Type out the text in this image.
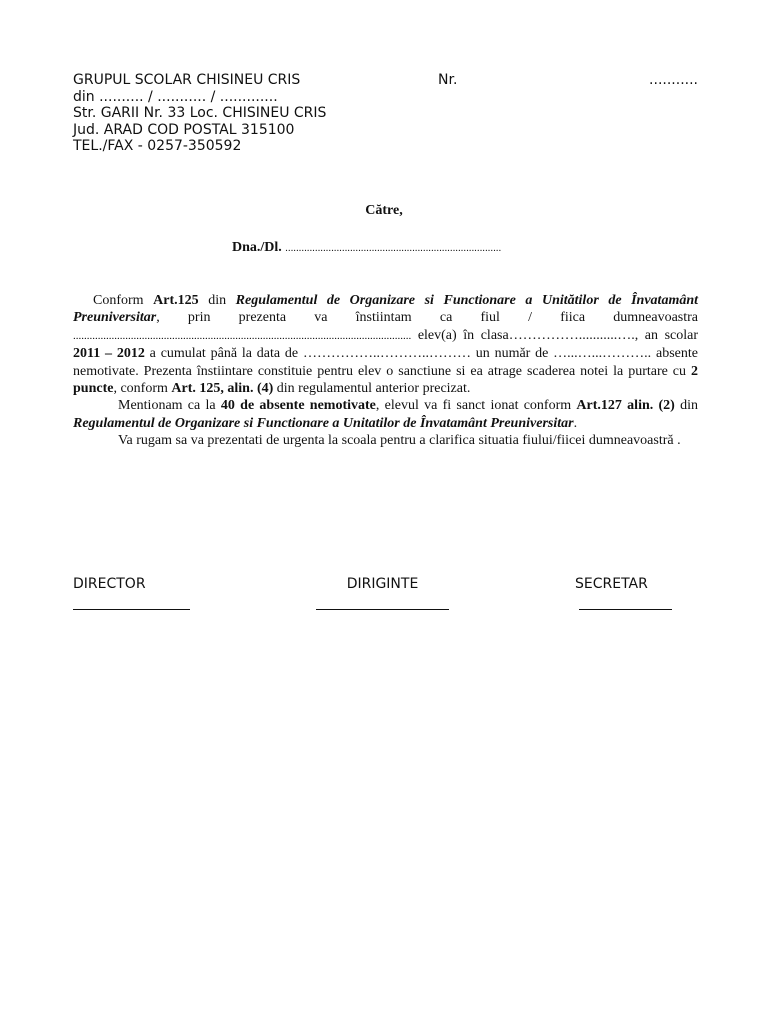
GRUPUL SCOLAR CHISINEU CRIS	Nr.	...........
din .......... / ........... / .............
Str. GARII Nr. 33 Loc. CHISINEU CRIS
Jud. ARAD COD POSTAL 315100
TEL./FAX - 0257-350592
Către,
Dna./Dl. ................................................................................

Conform Art.125 din Regulamentul de Organizare si Functionare a Unitătilor de Învatamânt Preuniversitar, prin prezenta va înstiintam ca fiul / fiica dumneavoastra ........................................................................................................................... elev(a) în clasa……………...........…., an scolar 2011 – 2012 a cumulat până la data de ……………..………..……… un număr de …...…...……….. absente nemotivate. Prezenta înstiintare constituie pentru elev o sanctiune si ea atrage scaderea notei la purtare cu 2 puncte, conform Art. 125, alin. (4) din regulamentul anterior precizat.

Mentionam ca la 40 de absente nemotivate, elevul va fi sanct ionat conform Art.127 alin. (2) din Regulamentul de Organizare si Functionare a Unitatilor de Învatamânt Preuniversitar.

Va rugam sa va prezentati de urgenta la scoala pentru a clarifica situatia fiului/fiicei dumneavoastră .

DIRECTOR	DIRIGINTE	SECRETAR
